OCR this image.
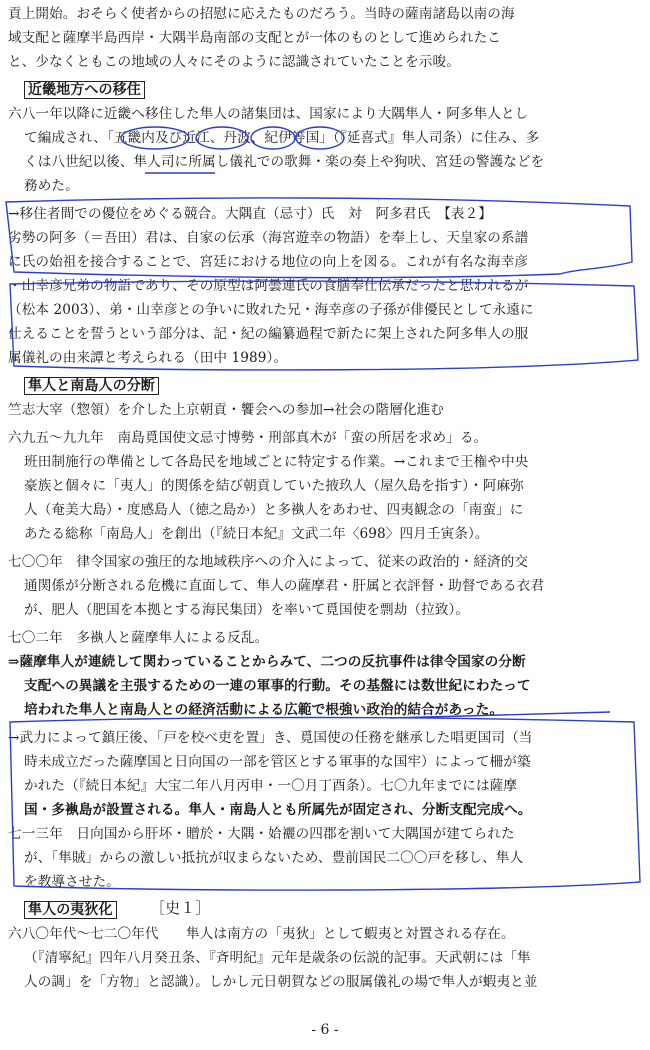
貢上開始。おそらく使者からの招慰に応えたものだろう。当時の薩南諸島以南の海
域支配と薩摩半島西岸・大隅半島南部の支配とが一体のものとして進められたこ
と、少なくともこの地域の人々にそのように認識されていたことを示唆。
近畿地方への移住
六八一年以降に近畿へ移住した隼人の諸集団は、国家により大隅隼人・阿多隼人とし
て編成され、「五畿内及び近江、丹波、紀伊等国」（『延喜式』隼人司条）に住み、多
くは八世紀以後、隼人司に所属し儀礼での歌舞・楽の奏上や狗吠、宮廷の警護などを
務めた。
→移住者間での優位をめぐる競合。大隅直（忌寸）氏　対　阿多君氏　【表２】
劣勢の阿多（＝吾田）君は、自家の伝承（海宮遊幸の物語）を奉上し、天皇家の系譜
に氏の始祖を接合することで、宮廷における地位の向上を図る。これが有名な海幸彦
・山幸彦兄弟の物語であり、その原型は阿曇連氏の食膳奉仕伝承だったと思われるが
（松本 2003）、弟・山幸彦との争いに敗れた兄・海幸彦の子孫が俳優民として永遠に
仕えることを誓うという部分は、記・紀の編纂過程で新たに架上された阿多隼人の服
属儀礼の由来譚と考えられる（田中 1989）。
隼人と南島人の分断
竺志大宰（惣領）を介した上京朝貢・饗会への参加→社会の階層化進む
六九五〜九九年　南島覓国使文忌寸博勢・刑部真木が「蛮の所居を求め」る。
班田制施行の準備として各島民を地域ごとに特定する作業。→これまで王権や中央
豪族と個々に「夷人」的関係を結び朝貢していた掖玖人（屋久島を指す）・阿麻弥
人（奄美大島）・度感島人（徳之島か）と多褹人をあわせ、四夷観念の「南蛮」に
あたる総称「南島人」を創出（『続日本紀』文武二年〈698〉四月壬寅条）。
七〇〇年　律令国家の強圧的な地域秩序への介入によって、従来の政治的・経済的交
通関係が分断される危機に直面して、隼人の薩摩君・肝属と衣評督・助督である衣君
が、肥人（肥国を本拠とする海民集団）を率いて覓国使を剽劫（拉致）。
七〇二年　多褹人と薩摩隼人による反乱。
⇒薩摩隼人が連続して関わっていることからみて、二つの反抗事件は律令国家の分断
支配への異議を主張するための一連の軍事的行動。その基盤には数世紀にわたって
培われた隼人と南島人との経済活動による広範で根強い政治的結合があった。
→武力によって鎮圧後、「戸を校べ吏を置」き、覓国使の任務を継承した唱更国司（当
時未成立だった薩摩国と日向国の一部を管区とする軍事的な国牢）によって柵が築
かれた（『続日本紀』大宝二年八月丙申・一〇月丁酉条）。七〇九年までには薩摩
国・多褹島が設置される。隼人・南島人とも所属先が固定され、分断支配完成へ。
七一三年　日向国から肝坏・贈於・大隅・姶襹の四郡を割いて大隅国が建てられた
が、「隼賊」からの激しい抵抗が収まらないため、豊前国民二〇〇戸を移し、隼人
を教導させた。
隼人の夷狄化 ［史１］
六八〇年代〜七二〇年代　　隼人は南方の「夷狄」として蝦夷と対置される存在。
（『清寧紀』四年八月癸丑条、『斉明紀』元年是歳条の伝説的記事。天武朝には「隼
人の調」を「方物」と認識）。しかし元日朝賀などの服属儀礼の場で隼人が蝦夷と並
- 6 -
